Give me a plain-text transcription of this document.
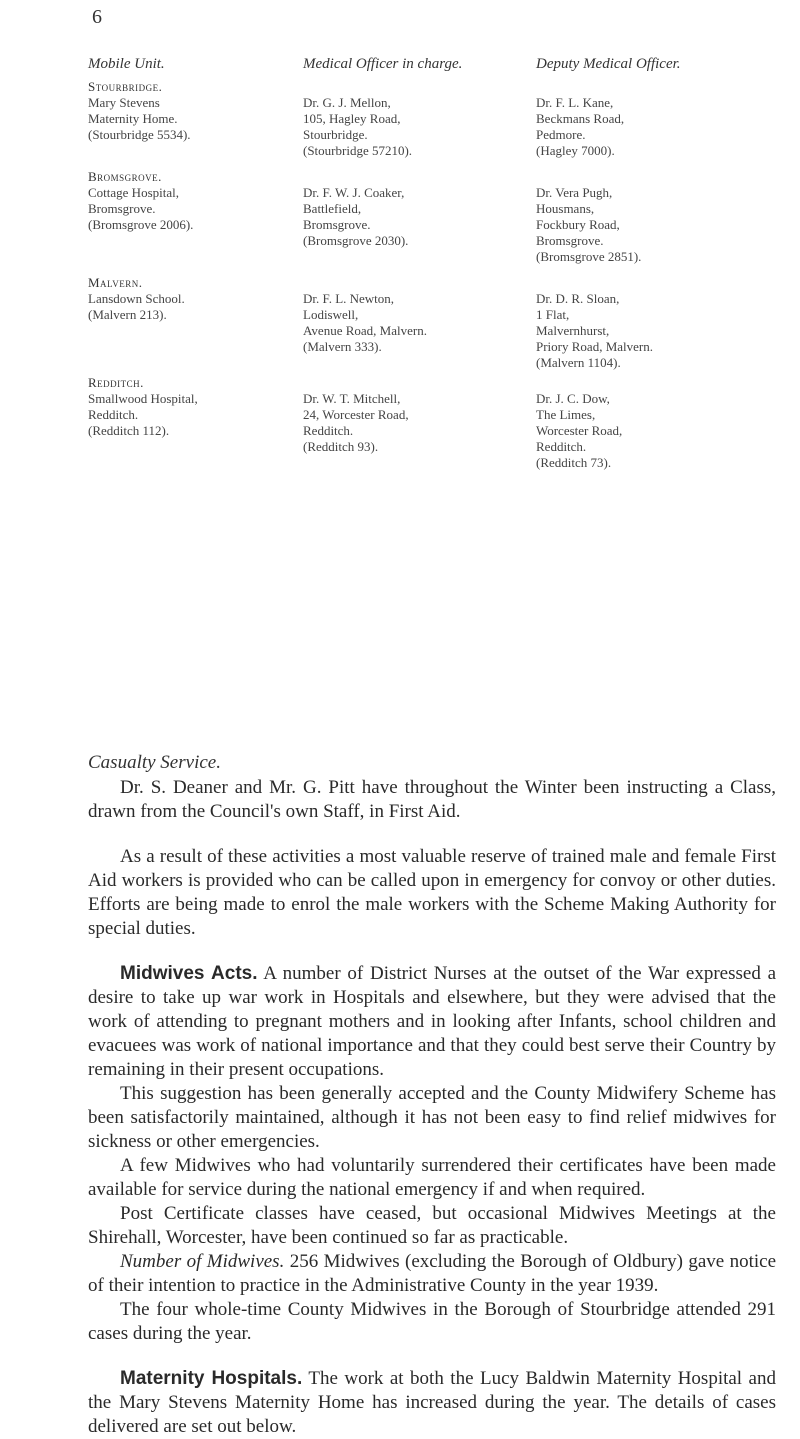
6
Mobile Unit.	Medical Officer in charge.	Deputy Medical Officer.
Stourbridge.
Mary Stevens
Maternity Home.
(Stourbridge 5534).

Dr. G. J. Mellon,
105, Hagley Road,
Stourbridge.
(Stourbridge 57210).

Dr. F. L. Kane,
Beckmans Road,
Pedmore.
(Hagley 7000).
Bromsgrove.
Cottage Hospital,
Bromsgrove.
(Bromsgrove 2006).

Dr. F. W. J. Coaker,
Battlefield,
Bromsgrove.
(Bromsgrove 2030).

Dr. Vera Pugh,
Housmans,
Fockbury Road,
Bromsgrove.
(Bromsgrove 2851).
Malvern.
Lansdown School.
(Malvern 213).

Dr. F. L. Newton,
Lodiswell,
Avenue Road, Malvern.
(Malvern 333).

Dr. D. R. Sloan,
1 Flat,
Malvernhurst,
Priory Road, Malvern.
(Malvern 1104).
Redditch.
Smallwood Hospital,
Redditch.
(Redditch 112).

Dr. W. T. Mitchell,
24, Worcester Road,
Redditch.
(Redditch 93).

Dr. J. C. Dow,
The Limes,
Worcester Road,
Redditch.
(Redditch 73).
Casualty Service.

Dr. S. Deaner and Mr. G. Pitt have throughout the Winter been instructing a Class, drawn from the Council's own Staff, in First Aid.

As a result of these activities a most valuable reserve of trained male and female First Aid workers is provided who can be called upon in emergency for convoy or other duties. Efforts are being made to enrol the male workers with the Scheme Making Authority for special duties.

Midwives Acts. A number of District Nurses at the outset of the War expressed a desire to take up war work in Hospitals and elsewhere, but they were advised that the work of attending to pregnant mothers and in looking after Infants, school children and evacuees was work of national importance and that they could best serve their Country by remaining in their present occupations.

This suggestion has been generally accepted and the County Midwifery Scheme has been satisfactorily maintained, although it has not been easy to find relief midwives for sickness or other emergencies.

A few Midwives who had voluntarily surrendered their certificates have been made available for service during the national emergency if and when required.

Post Certificate classes have ceased, but occasional Midwives Meetings at the Shirehall, Worcester, have been continued so far as practicable.

Number of Midwives. 256 Midwives (excluding the Borough of Oldbury) gave notice of their intention to practice in the Administrative County in the year 1939.

The four whole-time County Midwives in the Borough of Stourbridge attended 291 cases during the year.

Maternity Hospitals. The work at both the Lucy Baldwin Maternity Hospital and the Mary Stevens Maternity Home has increased during the year. The details of cases delivered are set out below.
